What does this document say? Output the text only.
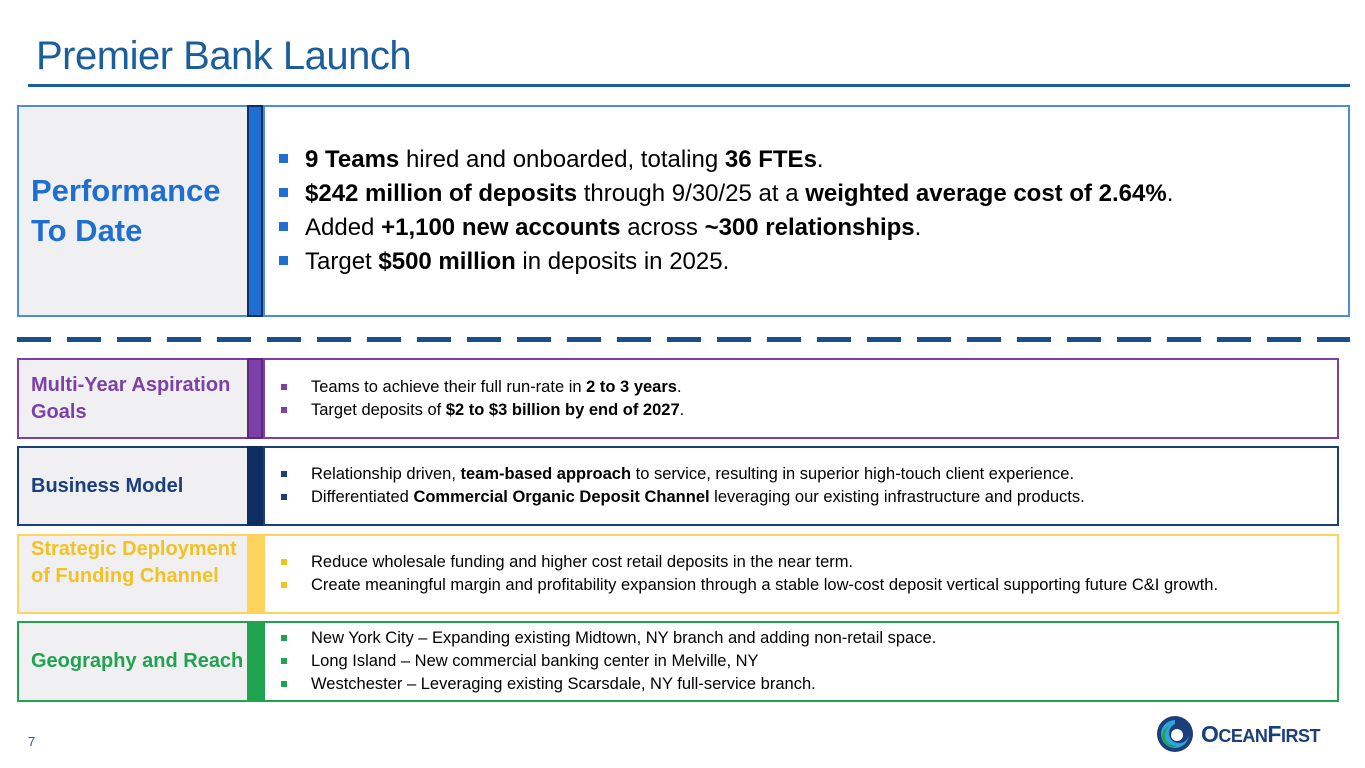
Premier Bank Launch
Performance To Date
9 Teams hired and onboarded, totaling 36 FTEs.
$242 million of deposits through 9/30/25 at a weighted average cost of 2.64%.
Added +1,100 new accounts across ~300 relationships.
Target $500 million in deposits in 2025.
Multi-Year Aspiration Goals
Teams to achieve their full run-rate in 2 to 3 years.
Target deposits of $2 to $3 billion by end of 2027.
Business Model
Relationship driven, team-based approach to service, resulting in superior high-touch client experience.
Differentiated Commercial Organic Deposit Channel leveraging our existing infrastructure and products.
Strategic Deployment of Funding Channel
Reduce wholesale funding and higher cost retail deposits in the near term.
Create meaningful margin and profitability expansion through a stable low-cost deposit vertical supporting future C&I growth.
Geography and Reach
New York City – Expanding existing Midtown, NY branch and adding non-retail space.
Long Island – New commercial banking center in Melville, NY
Westchester – Leveraging existing Scarsdale, NY full-service branch.
7	OCEANFIRST
